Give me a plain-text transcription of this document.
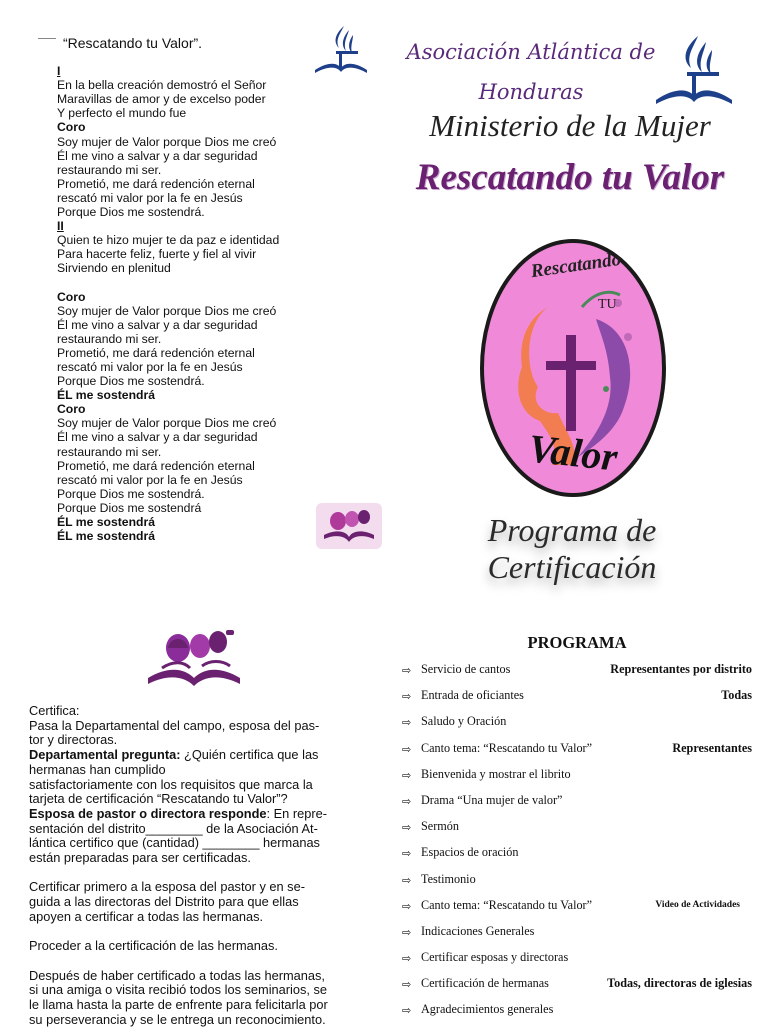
“Rescatando tu Valor”.
I
En la bella creación demostró el Señor
Maravillas de amor y de excelso poder
Y perfecto el mundo fue
Coro
Soy mujer de Valor porque Dios me creó
Él me vino a salvar y a dar seguridad
restaurando mi ser.
Prometió, me dará redención eternal
rescató mi valor por la fe en Jesús
Porque Dios me sostendrá.
II
Quien te hizo mujer te da paz e identidad
Para hacerte feliz, fuerte y fiel al vivir
Sirviendo en plenitud
Coro
Soy mujer de Valor porque Dios me creó
Él me vino a salvar y a dar seguridad
restaurando mi ser.
Prometió, me dará redención eternal
rescató mi valor por la fe en Jesús
Porque Dios me sostendrá.
ÉL me sostendrá
Coro
Soy mujer de Valor porque Dios me creó
Él me vino a salvar y a dar seguridad
restaurando mi ser.
Prometió, me dará redención eternal
rescató mi valor por la fe en Jesús
Porque Dios me sostendrá.
Porque Dios me sostendrá
ÉL me sostendrá
ÉL me sostendrá
Asociación Atlántica de
Honduras
Ministerio de la Mujer
Rescatando tu Valor
Rescatando
TU
Valor
Programa de Certificación

Certifica:

Pasa la Departamental del campo, esposa del pas-

tor y directoras.

Departamental pregunta: ¿Quién certifica que las

hermanas han cumplido

satisfactoriamente con los requisitos que marca la

tarjeta de certificación “Rescatando tu Valor”?

Esposa de pastor o directora responde: En repre-

sentación del distrito________ de la Asociación At-

lántica certifico que (cantidad) ________ hermanas

están preparadas para ser certificadas.

Certificar primero a la esposa del pastor y en se-

guida a las directoras del Distrito para que ellas

apoyen a certificar a todas las hermanas.

Proceder a la certificación de las hermanas.

Después de haber certificado a todas las hermanas,

si una amiga o visita recibió todos los seminarios, se

le llama hasta la parte de enfrente para felicitarla por

su perseverancia y se le entrega un reconocimiento.

PROGRAMA
⇨ Servicio de cantos	Representantes por distrito
⇨ Entrada de oficiantes	Todas
⇨ Saludo y Oración
⇨ Canto tema: “Rescatando tu Valor”	Representantes
⇨ Bienvenida y mostrar el librito
⇨ Drama “Una mujer de valor”
⇨ Sermón
⇨ Espacios de oración
⇨ Testimonio
⇨ Canto tema: “Rescatando tu Valor”	Video de Actividades
⇨ Indicaciones Generales
⇨ Certificar esposas y directoras
⇨ Certificación de hermanas	Todas, directoras de iglesias
⇨ Agradecimientos generales
